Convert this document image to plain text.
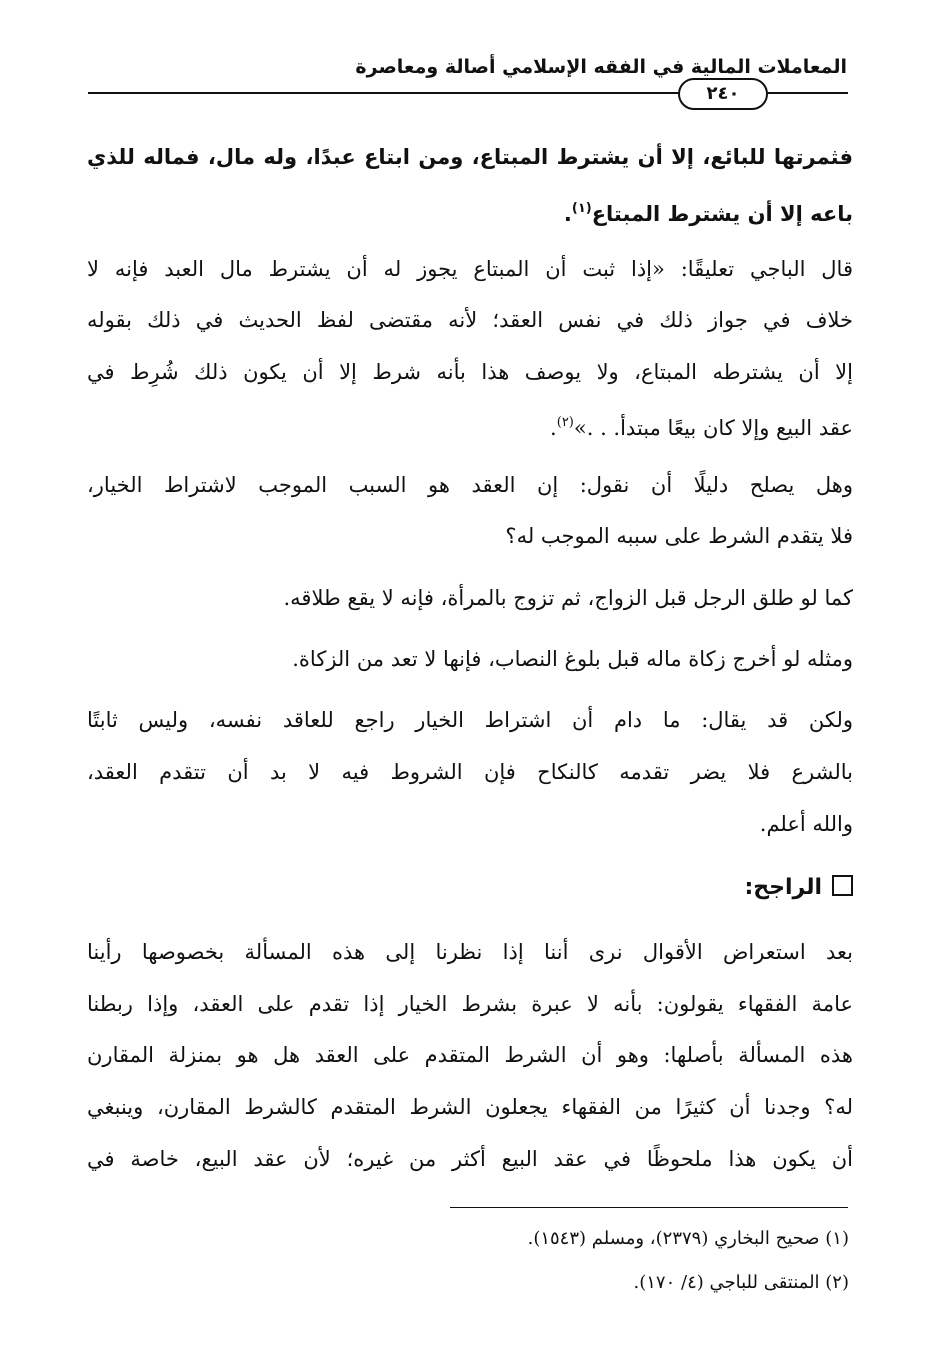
المعاملات المالية في الفقه الإسلامي أصالة ومعاصرة
٢٤٠
فثمرتها للبائع، إلا أن يشترط المبتاع، ومن ابتاع عبدًا، وله مال، فماله للذي
باعه إلا أن يشترط المبتاع$^{(١)}$.
قال الباجي تعليقًا: «إذا ثبت أن المبتاع يجوز له أن يشترط مال العبد فإنه لا
خلاف في جواز ذلك في نفس العقد؛ لأنه مقتضى لفظ الحديث في ذلك بقوله
إلا أن يشترطه المبتاع، ولا يوصف هذا بأنه شرط إلا أن يكون ذلك شُرِط في
عقد البيع وإلا كان بيعًا مبتدأ. . .»$^{(٢)}$.
وهل يصلح دليلًا أن نقول: إن العقد هو السبب الموجب لاشتراط الخيار،
فلا يتقدم الشرط على سببه الموجب له؟
كما لو طلق الرجل قبل الزواج، ثم تزوج بالمرأة، فإنه لا يقع طلاقه.
ومثله لو أخرج زكاة ماله قبل بلوغ النصاب، فإنها لا تعد من الزكاة.
ولكن قد يقال: ما دام أن اشتراط الخيار راجع للعاقد نفسه، وليس ثابتًا
بالشرع فلا يضر تقدمه كالنكاح فإن الشروط فيه لا بد أن تتقدم العقد،
والله أعلم.
بعد استعراض الأقوال نرى أننا إذا نظرنا إلى هذه المسألة بخصوصها رأينا
عامة الفقهاء يقولون: بأنه لا عبرة بشرط الخيار إذا تقدم على العقد، وإذا ربطنا
هذه المسألة بأصلها: وهو أن الشرط المتقدم على العقد هل هو بمنزلة المقارن
له؟ وجدنا أن كثيرًا من الفقهاء يجعلون الشرط المتقدم كالشرط المقارن، وينبغي
أن يكون هذا ملحوظًا في عقد البيع أكثر من غيره؛ لأن عقد البيع، خاصة في
الراجح:
(١) صحيح البخاري (٢٣٧٩)، ومسلم (١٥٤٣).
(٢) المنتقى للباجي (٤/ ١٧٠).
